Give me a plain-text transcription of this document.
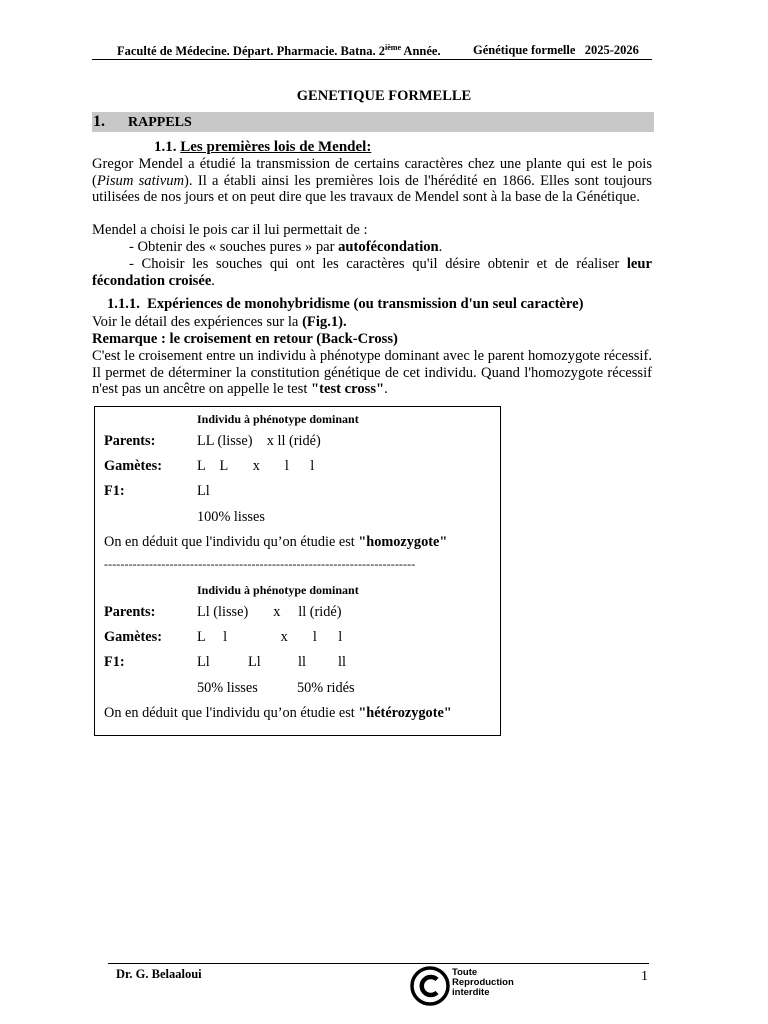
Faculté de Médecine. Départ. Pharmacie. Batna. 2ième Année.	Génétique formelle   2025-2026
GENETIQUE FORMELLE
1. RAPPELS
1.1. Les premières lois de Mendel:
Gregor Mendel a étudié la transmission de certains caractères chez une plante qui est le pois (Pisum sativum). Il a établi ainsi les premières lois de l'hérédité en 1866. Elles sont toujours utilisées de nos jours et on peut dire que les travaux de Mendel sont à la base de la Génétique.
Mendel a choisi le pois car il lui permettait de :
- Obtenir des « souches pures » par autofécondation.
- Choisir les souches qui ont les caractères qu'il désire obtenir et de réaliser leur fécondation croisée.
1.1.1. Expériences de monohybridisme (ou transmission d'un seul caractère)
Voir le détail des expériences sur la (Fig.1).
Remarque : le croisement en retour (Back-Cross)
C'est le croisement entre un individu à phénotype dominant avec le parent homozygote récessif. Il permet de déterminer la constitution génétique de cet individu. Quand l'homozygote récessif n'est pas un ancêtre on appelle le test "test cross".
Individu à phénotype dominant
Parents:	LL (lisse)    x ll (ridé)
Gamètes: L    L       x       l      l
F1:	Ll
100% lisses
On en déduit que l'individu qu’on étudie est "homozygote"
----------------------------------------------------------------------------
Individu à phénotype dominant
Parents:	Ll (lisse)       x     ll (ridé)
Gamètes: L     l               x       l      l
F1:	Ll	Ll	ll ll
50% lisses	50% ridés
On en déduit que l'individu qu’on étudie est "hétérozygote"
Dr. G. Belaaloui	Toute
Reproduction
interdite
1
